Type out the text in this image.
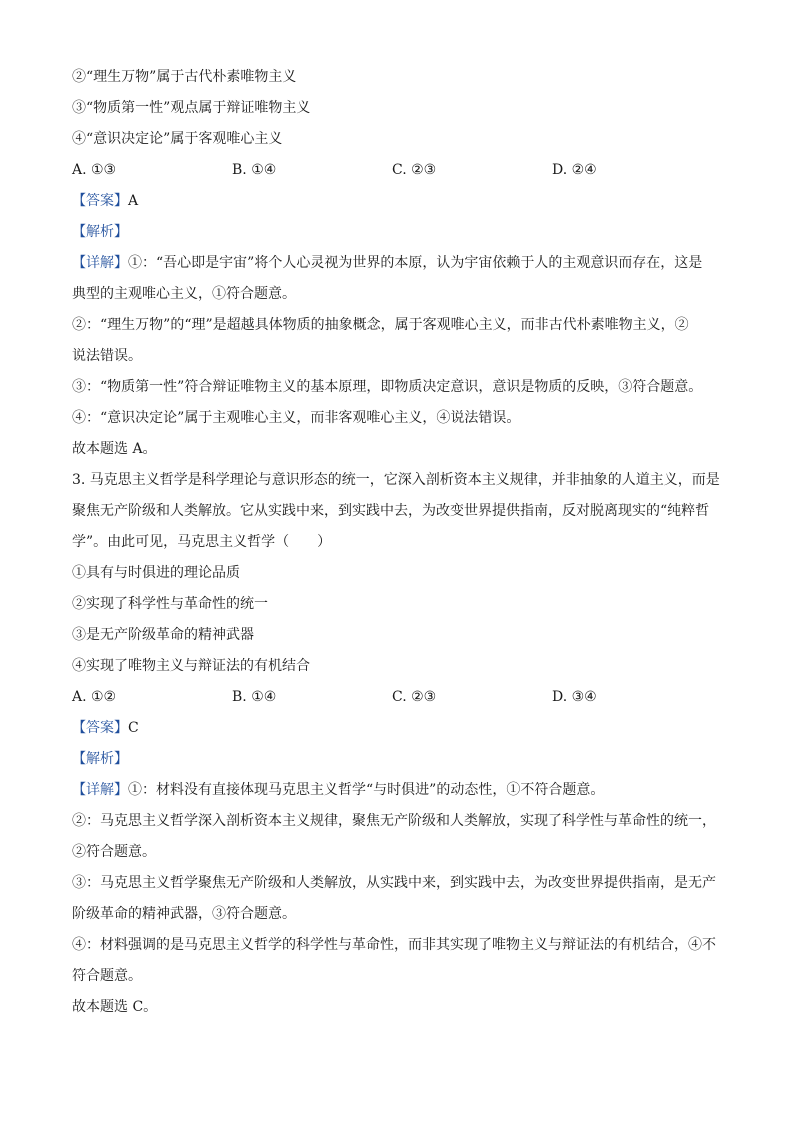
②“理生万物”属于古代朴素唯物主义
③“物质第一性”观点属于辩证唯物主义
④“意识决定论”属于客观唯心主义
A. ①③	B. ①④	C. ②③	D. ②④
【答案】A
【解析】
【详解】①：“吾心即是宇宙”将个人心灵视为世界的本原，认为宇宙依赖于人的主观意识而存在，这是
典型的主观唯心主义，①符合题意。
②：“理生万物”的“理”是超越具体物质的抽象概念，属于客观唯心主义，而非古代朴素唯物主义，②
说法错误。
③：“物质第一性”符合辩证唯物主义的基本原理，即物质决定意识，意识是物质的反映，③符合题意。
④：“意识决定论”属于主观唯心主义，而非客观唯心主义，④说法错误。
故本题选 A。
3. 马克思主义哲学是科学理论与意识形态的统一，它深入剖析资本主义规律，并非抽象的人道主义，而是
聚焦无产阶级和人类解放。它从实践中来，到实践中去，为改变世界提供指南，反对脱离现实的“纯粹哲
学”。由此可见，马克思主义哲学（　　）
①具有与时俱进的理论品质
②实现了科学性与革命性的统一
③是无产阶级革命的精神武器
④实现了唯物主义与辩证法的有机结合
A. ①②	B. ①④	C. ②③	D. ③④
【答案】C
【解析】
【详解】①：材料没有直接体现马克思主义哲学“与时俱进”的动态性，①不符合题意。
②：马克思主义哲学深入剖析资本主义规律，聚焦无产阶级和人类解放，实现了科学性与革命性的统一，
②符合题意。
③：马克思主义哲学聚焦无产阶级和人类解放，从实践中来，到实践中去，为改变世界提供指南，是无产
阶级革命的精神武器，③符合题意。
④：材料强调的是马克思主义哲学的科学性与革命性，而非其实现了唯物主义与辩证法的有机结合，④不
符合题意。
故本题选 C。
